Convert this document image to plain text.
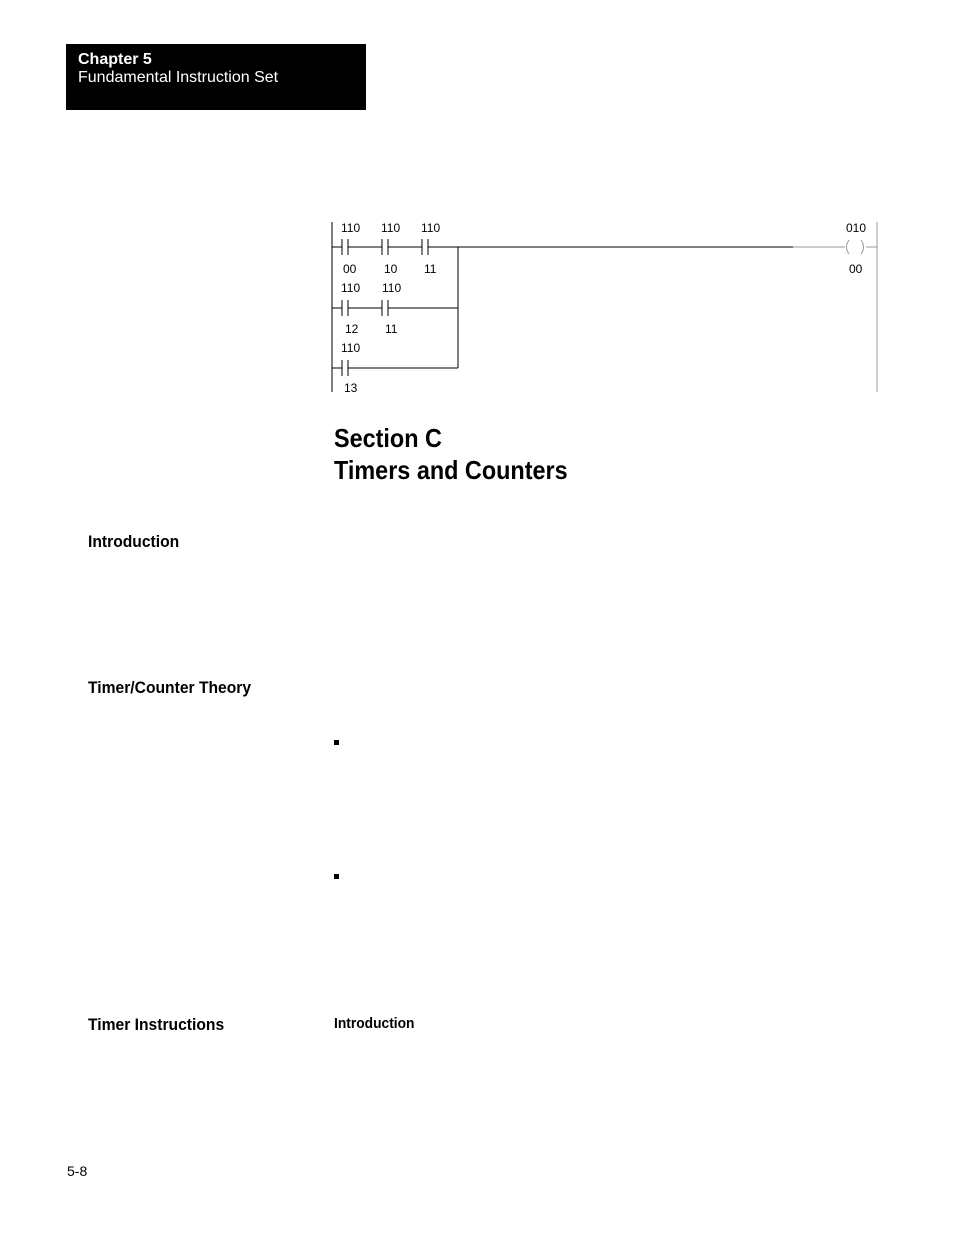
Chapter 5
Fundamental Instruction Set
110
00
110
10
110
11
010
00
110
12
110
11
110
13
Section C
Timers and Counters
Introduction
Timer/Counter Theory
Timer Instructions	Introduction
5-8
